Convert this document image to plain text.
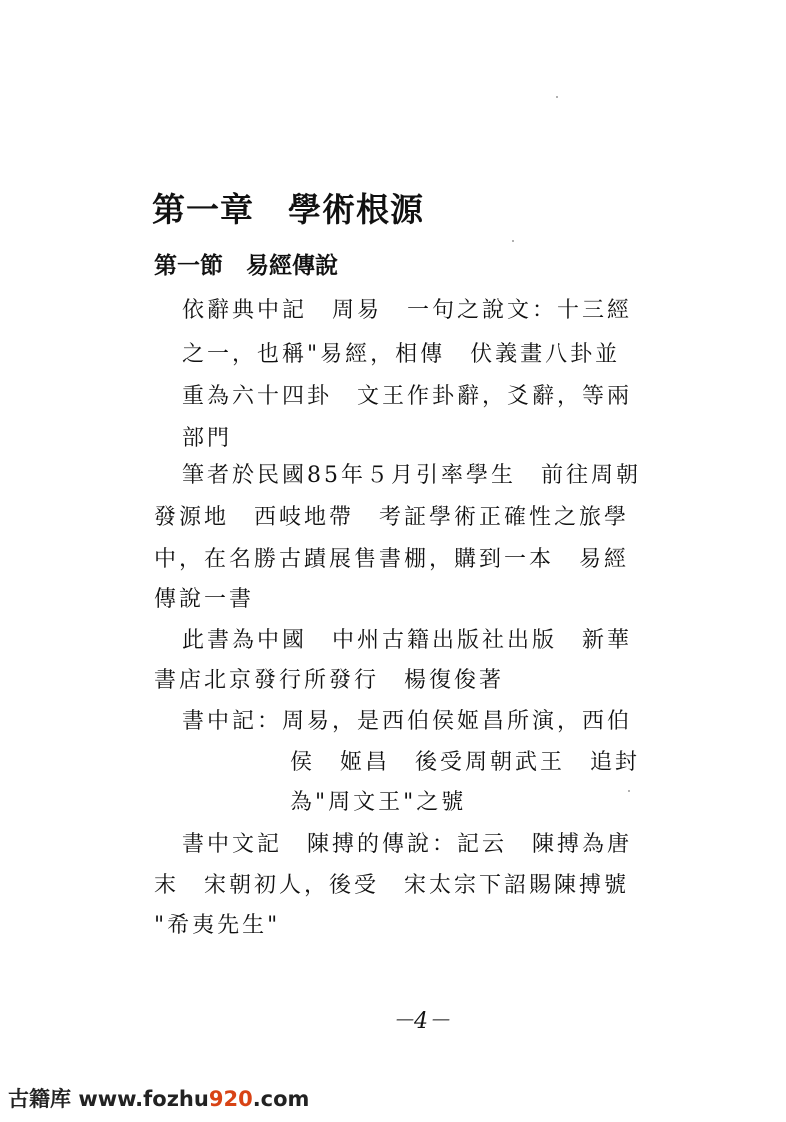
第一章　學術根源
第一節　易經傳說

依辭典中記　周易　一句之說文：十三經

之一，也稱"易經，相傳　伏義畫八卦並

重為六十四卦　文王作卦辭，爻辭，等兩

部門

筆者於民國85年５月引率學生　前往周朝

發源地　西岐地帶　考証學術正確性之旅學

中，在名勝古蹟展售書棚，購到一本　易經

傳說一書

此書為中國　中州古籍出版社出版　新華

書店北京發行所發行　楊復俊著

書中記：周易，是西伯侯姬昌所演，西伯

侯　姬昌　後受周朝武王　追封

為"周文王"之號

書中文記　陳搏的傳說：記云　陳搏為唐

末　宋朝初人，後受　宋太宗下詔賜陳搏號

"希夷先生"

－4－

古籍库 www.fozhu920.com
